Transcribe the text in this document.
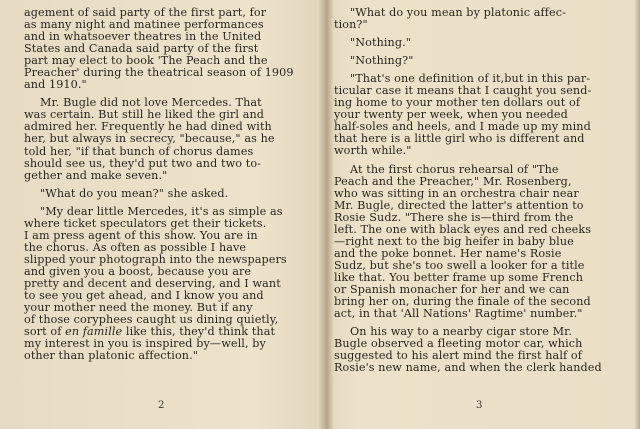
agement of said party of the first part, for
as many night and matinee performances
and in whatsoever theatres in the United
States and Canada said party of the first
part may elect to book 'The Peach and the
Preacher' during the theatrical season of 1909
and 1910."

Mr. Bugle did not love Mercedes. That
was certain. But still he liked the girl and
admired her. Frequently he had dined with
her, but always in secrecy, "because," as he
told her, "if that bunch of chorus dames
should see us, they'd put two and two to-
gether and make seven."

"What do you mean?" she asked.

"My dear little Mercedes, it's as simple as
where ticket speculators get their tickets.
I am press agent of this show. You are in
the chorus. As often as possible I have
slipped your photograph into the newspapers
and given you a boost, because you are
pretty and decent and deserving, and I want
to see you get ahead, and I know you and
your mother need the money. But if any
of those coryphees caught us dining quietly,
sort of en famille like this, they'd think that
my interest in you is inspired by—well, by
other than platonic affection."

2

"What do you mean by platonic affec-
tion?"

"Nothing."

"Nothing?"

"That's one definition of it,but in this par-
ticular case it means that I caught you send-
ing home to your mother ten dollars out of
your twenty per week, when you needed
half-soles and heels, and I made up my mind
that here is a little girl who is different and
worth while."

At the first chorus rehearsal of "The
Peach and the Preacher," Mr. Rosenberg,
who was sitting in an orchestra chair near
Mr. Bugle, directed the latter's attention to
Rosie Sudz. "There she is—third from the
left. The one with black eyes and red cheeks
—right next to the big heifer in baby blue
and the poke bonnet. Her name's Rosie
Sudz, but she's too swell a looker for a title
like that. You better frame up some French
or Spanish monacher for her and we can
bring her on, during the finale of the second
act, in that 'All Nations' Ragtime' number."

On his way to a nearby cigar store Mr.
Bugle observed a fleeting motor car, which
suggested to his alert mind the first half of
Rosie's new name, and when the clerk handed

3
